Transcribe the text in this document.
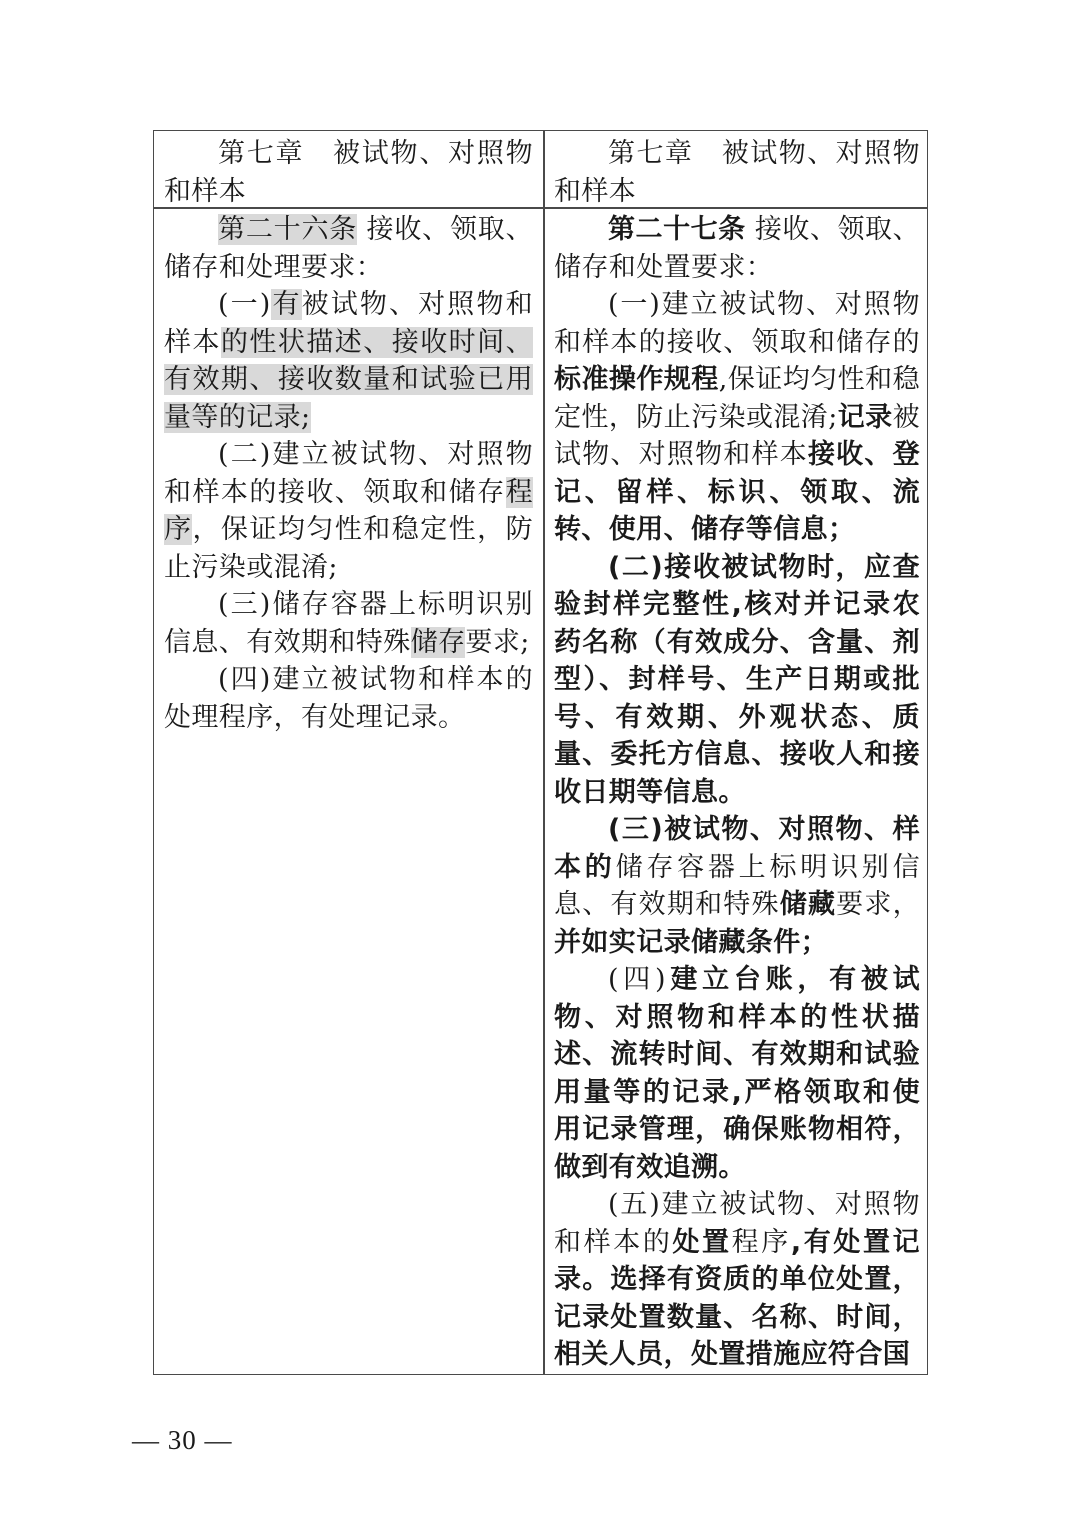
第七章　被试物、对照物和样本

第七章　被试物、对照物和样本

第二十六条 接收、领取、储存和处理要求：

(一)有被试物、对照物和样本的性状描述、接收时间、有效期、接收数量和试验已用量等的记录;

(二)建立被试物、对照物和样本的接收、领取和储存程序，保证均匀性和稳定性，防止污染或混淆;

(三)储存容器上标明识别信息、有效期和特殊储存要求;

(四)建立被试物和样本的处理程序，有处理记录。

第二十七条 接收、领取、储存和处置要求：

(一)建立被试物、对照物和样本的接收、领取和储存的标准操作规程,保证均匀性和稳定性，防止污染或混淆;记录被试物、对照物和样本接收、登记、留样、标识、领取、流转、使用、储存等信息；

(二)接收被试物时，应查验封样完整性,核对并记录农药名称（有效成分、含量、剂型）、封样号、生产日期或批号、有效期、外观状态、质量、委托方信息、接收人和接收日期等信息。

(三)被试物、对照物、样本的储存容器上标明识别信息、有效期和特殊储藏要求，并如实记录储藏条件；

(四)建立台账，有被试物、对照物和样本的性状描述、流转时间、有效期和试验用量等的记录,严格领取和使用记录管理，确保账物相符，做到有效追溯。

(五)建立被试物、对照物和样本的处置程序,有处置记录。选择有资质的单位处置，记录处置数量、名称、时间，相关人员，处置措施应符合国

— 30 —
